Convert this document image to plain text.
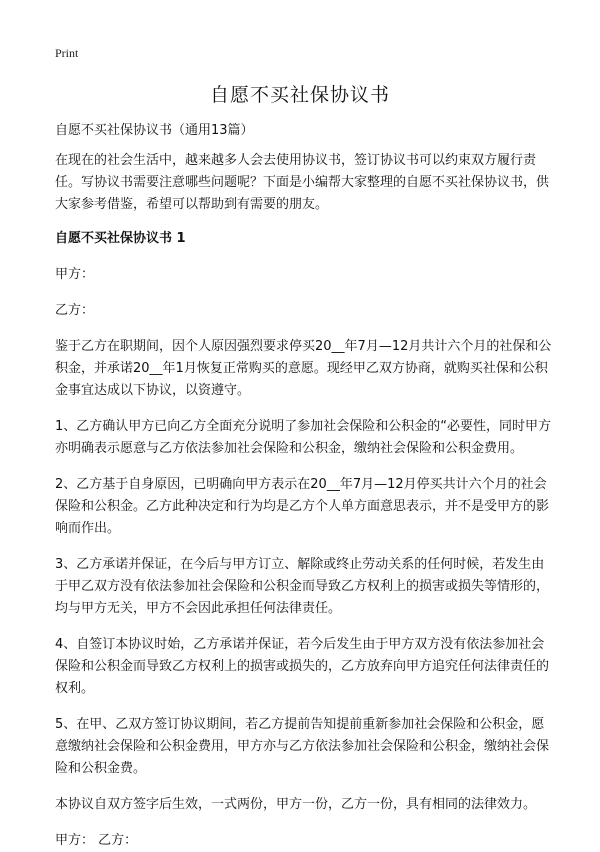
Print
自愿不买社保协议书

自愿不买社保协议书（通用13篇）

在现在的社会生活中，越来越多人会去使用协议书，签订协议书可以约束双方履行责任。写协议书需要注意哪些问题呢？下面是小编帮大家整理的自愿不买社保协议书，供大家参考借鉴，希望可以帮助到有需要的朋友。

自愿不买社保协议书 1

甲方：

乙方：

鉴于乙方在职期间，因个人原因强烈要求停买20__年7月—12月共计六个月的社保和公积金，并承诺20__年1月恢复正常购买的意愿。现经甲乙双方协商，就购买社保和公积金事宜达成以下协议，以资遵守。

1、乙方确认甲方已向乙方全面充分说明了参加社会保险和公积金的“必要性，同时甲方亦明确表示愿意与乙方依法参加社会保险和公积金，缴纳社会保险和公积金费用。

2、乙方基于自身原因，已明确向甲方表示在20__年7月—12月停买共计六个月的社会保险和公积金。乙方此种决定和行为均是乙方个人单方面意思表示，并不是受甲方的影响而作出。

3、乙方承诺并保证，在今后与甲方订立、解除或终止劳动关系的任何时候，若发生由于甲乙双方没有依法参加社会保险和公积金而导致乙方权利上的损害或损失等情形的，均与甲方无关，甲方不会因此承担任何法律责任。

4、自签订本协议时始，乙方承诺并保证，若今后发生由于甲方双方没有依法参加社会保险和公积金而导致乙方权利上的损害或损失的，乙方放弃向甲方追究任何法律责任的权利。

5、在甲、乙双方签订协议期间，若乙方提前告知提前重新参加社会保险和公积金，愿意缴纳社会保险和公积金费用，甲方亦与乙方依法参加社会保险和公积金，缴纳社会保险和公积金费。

本协议自双方签字后生效，一式两份，甲方一份，乙方一份，具有相同的法律效力。

甲方： 乙方：
